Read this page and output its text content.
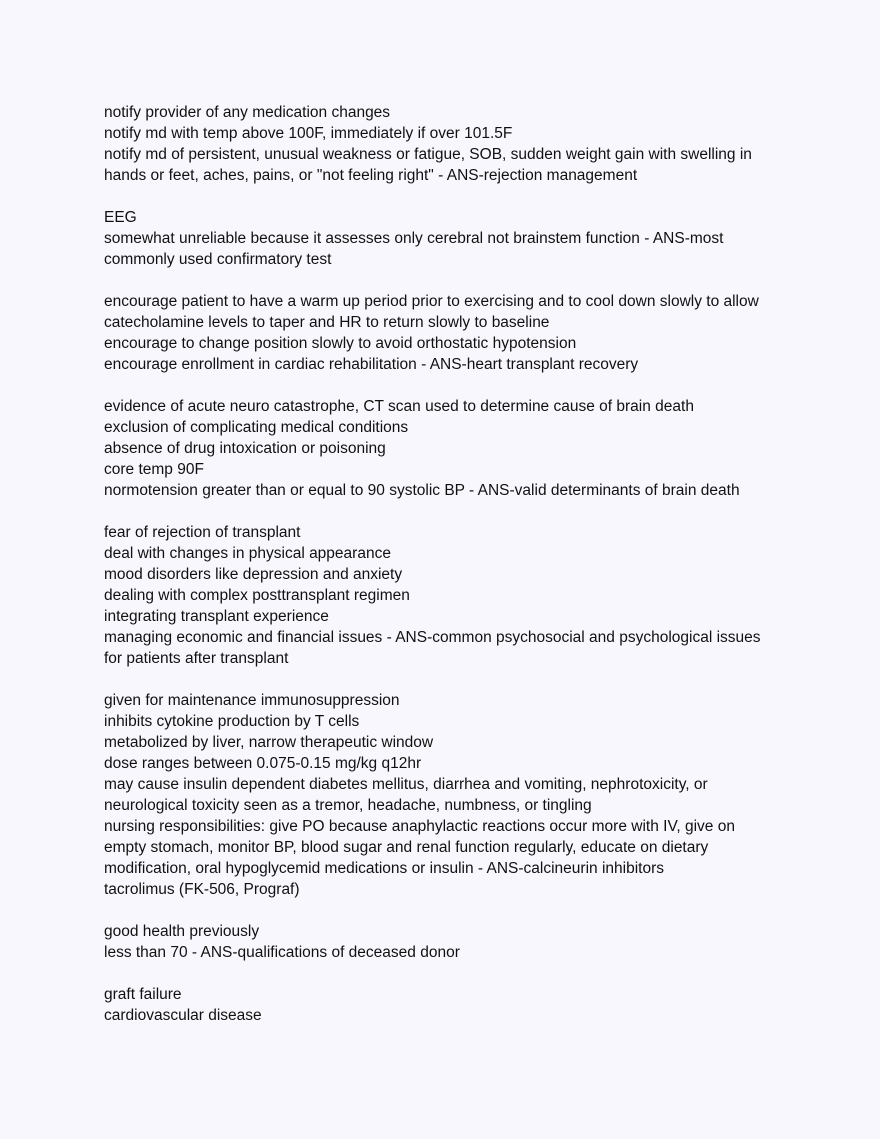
notify provider of any medication changes
notify md with temp above 100F, immediately if over 101.5F
notify md of persistent, unusual weakness or fatigue, SOB, sudden weight gain with swelling in
hands or feet, aches, pains, or "not feeling right" - ANS-rejection management
EEG
somewhat unreliable because it assesses only cerebral not brainstem function - ANS-most
commonly used confirmatory test
encourage patient to have a warm up period prior to exercising and to cool down slowly to allow
catecholamine levels to taper and HR to return slowly to baseline
encourage to change position slowly to avoid orthostatic hypotension
encourage enrollment in cardiac rehabilitation - ANS-heart transplant recovery
evidence of acute neuro catastrophe, CT scan used to determine cause of brain death
exclusion of complicating medical conditions
absence of drug intoxication or poisoning
core temp 90F
normotension greater than or equal to 90 systolic BP - ANS-valid determinants of brain death
fear of rejection of transplant
deal with changes in physical appearance
mood disorders like depression and anxiety
dealing with complex posttransplant regimen
integrating transplant experience
managing economic and financial issues - ANS-common psychosocial and psychological issues
for patients after transplant
given for maintenance immunosuppression
inhibits cytokine production by T cells
metabolized by liver, narrow therapeutic window
dose ranges between 0.075-0.15 mg/kg q12hr
may cause insulin dependent diabetes mellitus, diarrhea and vomiting, nephrotoxicity, or
neurological toxicity seen as a tremor, headache, numbness, or tingling
nursing responsibilities: give PO because anaphylactic reactions occur more with IV, give on
empty stomach, monitor BP, blood sugar and renal function regularly, educate on dietary
modification, oral hypoglycemid medications or insulin - ANS-calcineurin inhibitors
tacrolimus (FK-506, Prograf)
good health previously
less than 70 - ANS-qualifications of deceased donor
graft failure
cardiovascular disease
